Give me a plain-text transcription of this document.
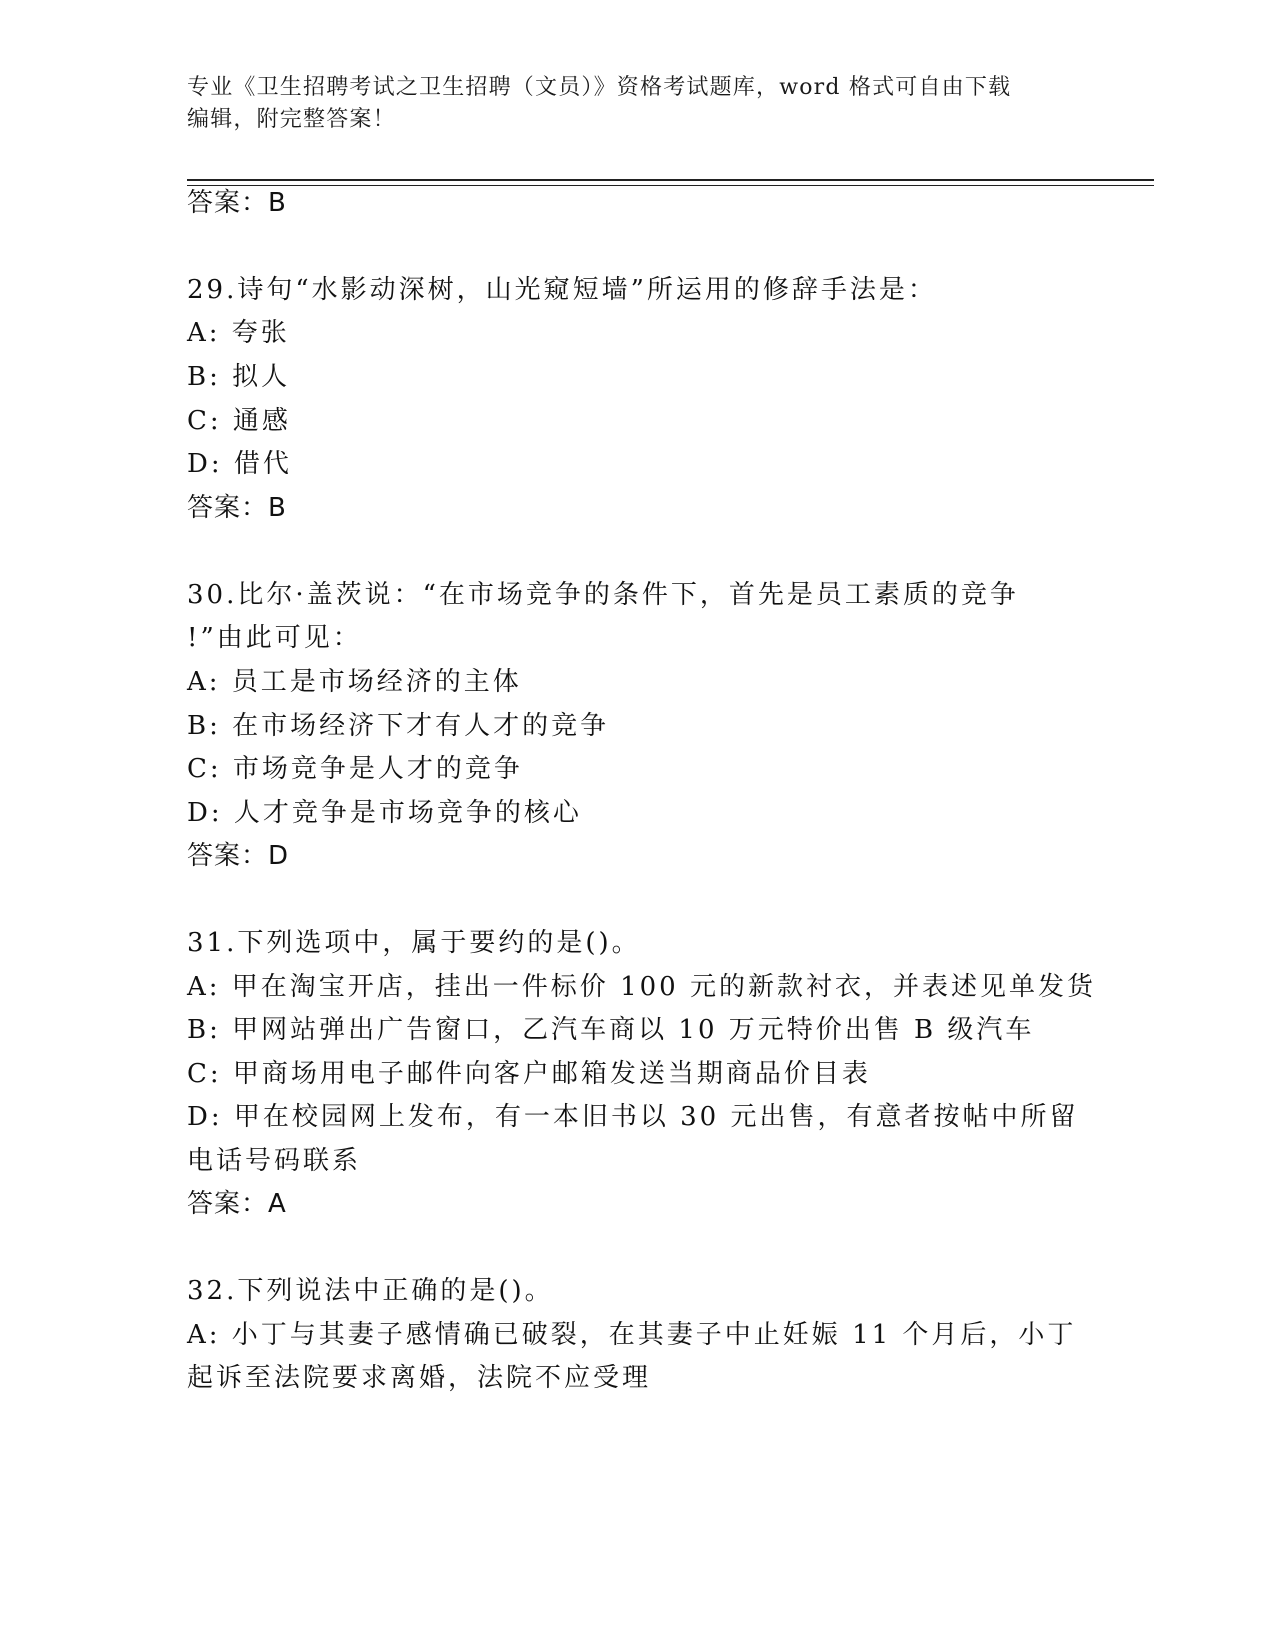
专业《卫生招聘考试之卫生招聘（文员）》资格考试题库，word 格式可自由下载

编辑，附完整答案！

答案：B
29.诗句“水影动深树，山光窥短墙”所运用的修辞手法是：
A: 夸张
B: 拟人
C: 通感
D: 借代
答案：B
30.比尔·盖茨说：“在市场竞争的条件下，首先是员工素质的竞争
!”由此可见：
A: 员工是市场经济的主体
B: 在市场经济下才有人才的竞争
C: 市场竞争是人才的竞争
D: 人才竞争是市场竞争的核心
答案：D
31.下列选项中，属于要约的是()。
A: 甲在淘宝开店，挂出一件标价 100 元的新款衬衣，并表述见单发货
B: 甲网站弹出广告窗口，乙汽车商以 10 万元特价出售 B 级汽车
C: 甲商场用电子邮件向客户邮箱发送当期商品价目表
D: 甲在校园网上发布，有一本旧书以 30 元出售，有意者按帖中所留
电话号码联系
答案：A
32.下列说法中正确的是()。
A: 小丁与其妻子感情确已破裂，在其妻子中止妊娠 11 个月后，小丁
起诉至法院要求离婚，法院不应受理
